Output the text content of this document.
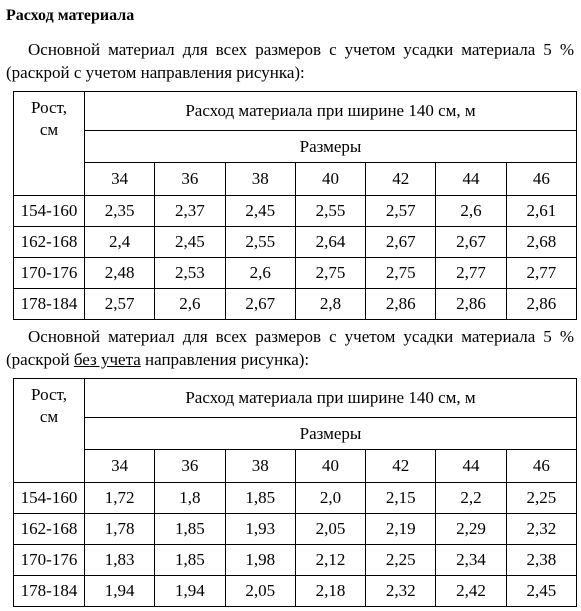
Расход материала

Основной материал для всех размеров с учетом усадки материала 5 % (раскрой с учетом направления рисунка):

Рост,
см	Расход материала при ширине 140 см, м						
	Размеры						
	34	36	38	40	42	44	46
154-160	2,35	2,37	2,45	2,55	2,57	2,6	2,61
162-168	2,4	2,45	2,55	2,64	2,67	2,67	2,68
170-176	2,48	2,53	2,6	2,75	2,75	2,77	2,77
178-184	2,57	2,6	2,67	2,8	2,86	2,86	2,86

Основной материал для всех размеров с учетом усадки материала 5 % (раскрой без учета направления рисунка):

Рост,
см	Расход материала при ширине 140 см, м						
	Размеры						
	34	36	38	40	42	44	46
154-160	1,72	1,8	1,85	2,0	2,15	2,2	2,25
162-168	1,78	1,85	1,93	2,05	2,19	2,29	2,32
170-176	1,83	1,85	1,98	2,12	2,25	2,34	2,38
178-184	1,94	1,94	2,05	2,18	2,32	2,42	2,45
